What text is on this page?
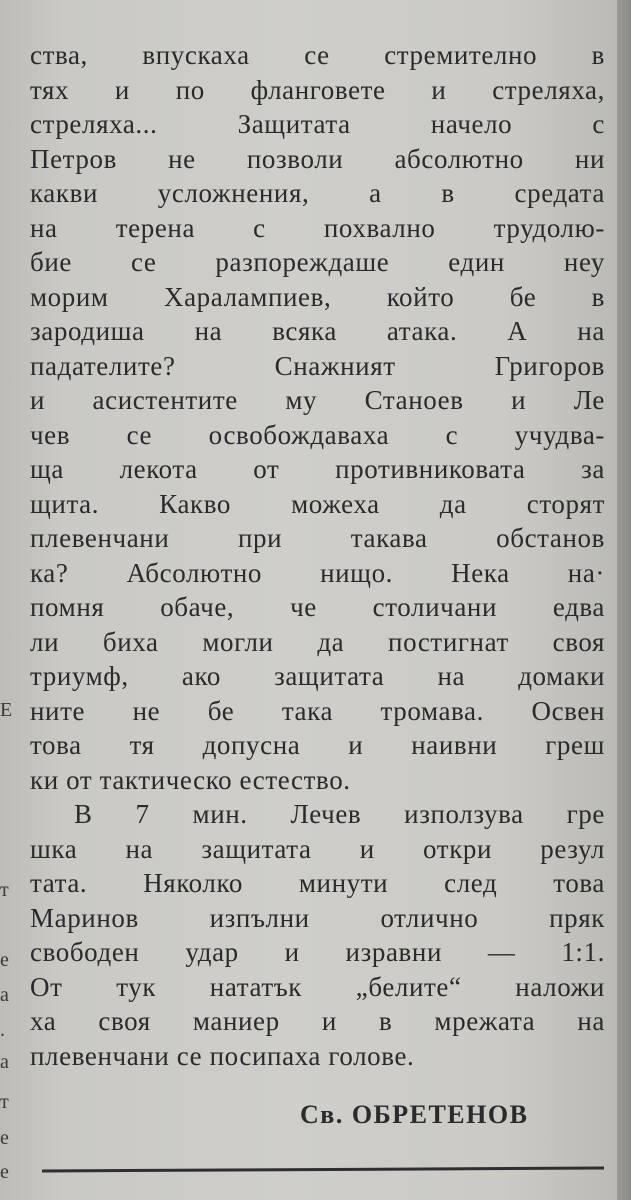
Е
т
е
а
.
а
т
е
е
ства, впускаха се стремително в
тях и по фланговете и стреляха,
стреляха... Защитата начело с
Петров не позволи абсолютно ни
какви усложнения, а в средата
на терена с похвално трудолю-
бие се разпореждаше един неу
морим Харалампиев, който бе в
зародиша на всяка атака. А на
падателите? Снажният Григоров
и асистентите му Станоев и Ле
чев се освобождаваха с учудва-
ща лекота от противниковата за
щита. Какво можеха да сторят
плевенчани при такава обстанов
ка? Абсолютно нищо. Нека на·
помня обаче, че столичани едва
ли биха могли да постигнат своя
триумф, ако защитата на домаки
ните не бе така тромава. Освен
това тя допусна и наивни греш
ки от тактическо естество.
В 7 мин. Лечев използува гре
шка на защитата и откри резул
тата. Няколко минути след това
Маринов изпълни отлично пряк
свободен удар и изравни — 1:1.
От тук нататък „белите“ наложи
ха своя маниер и в мрежата на
плевенчани се посипаха голове.
Св. ОБРЕТЕНОВ
